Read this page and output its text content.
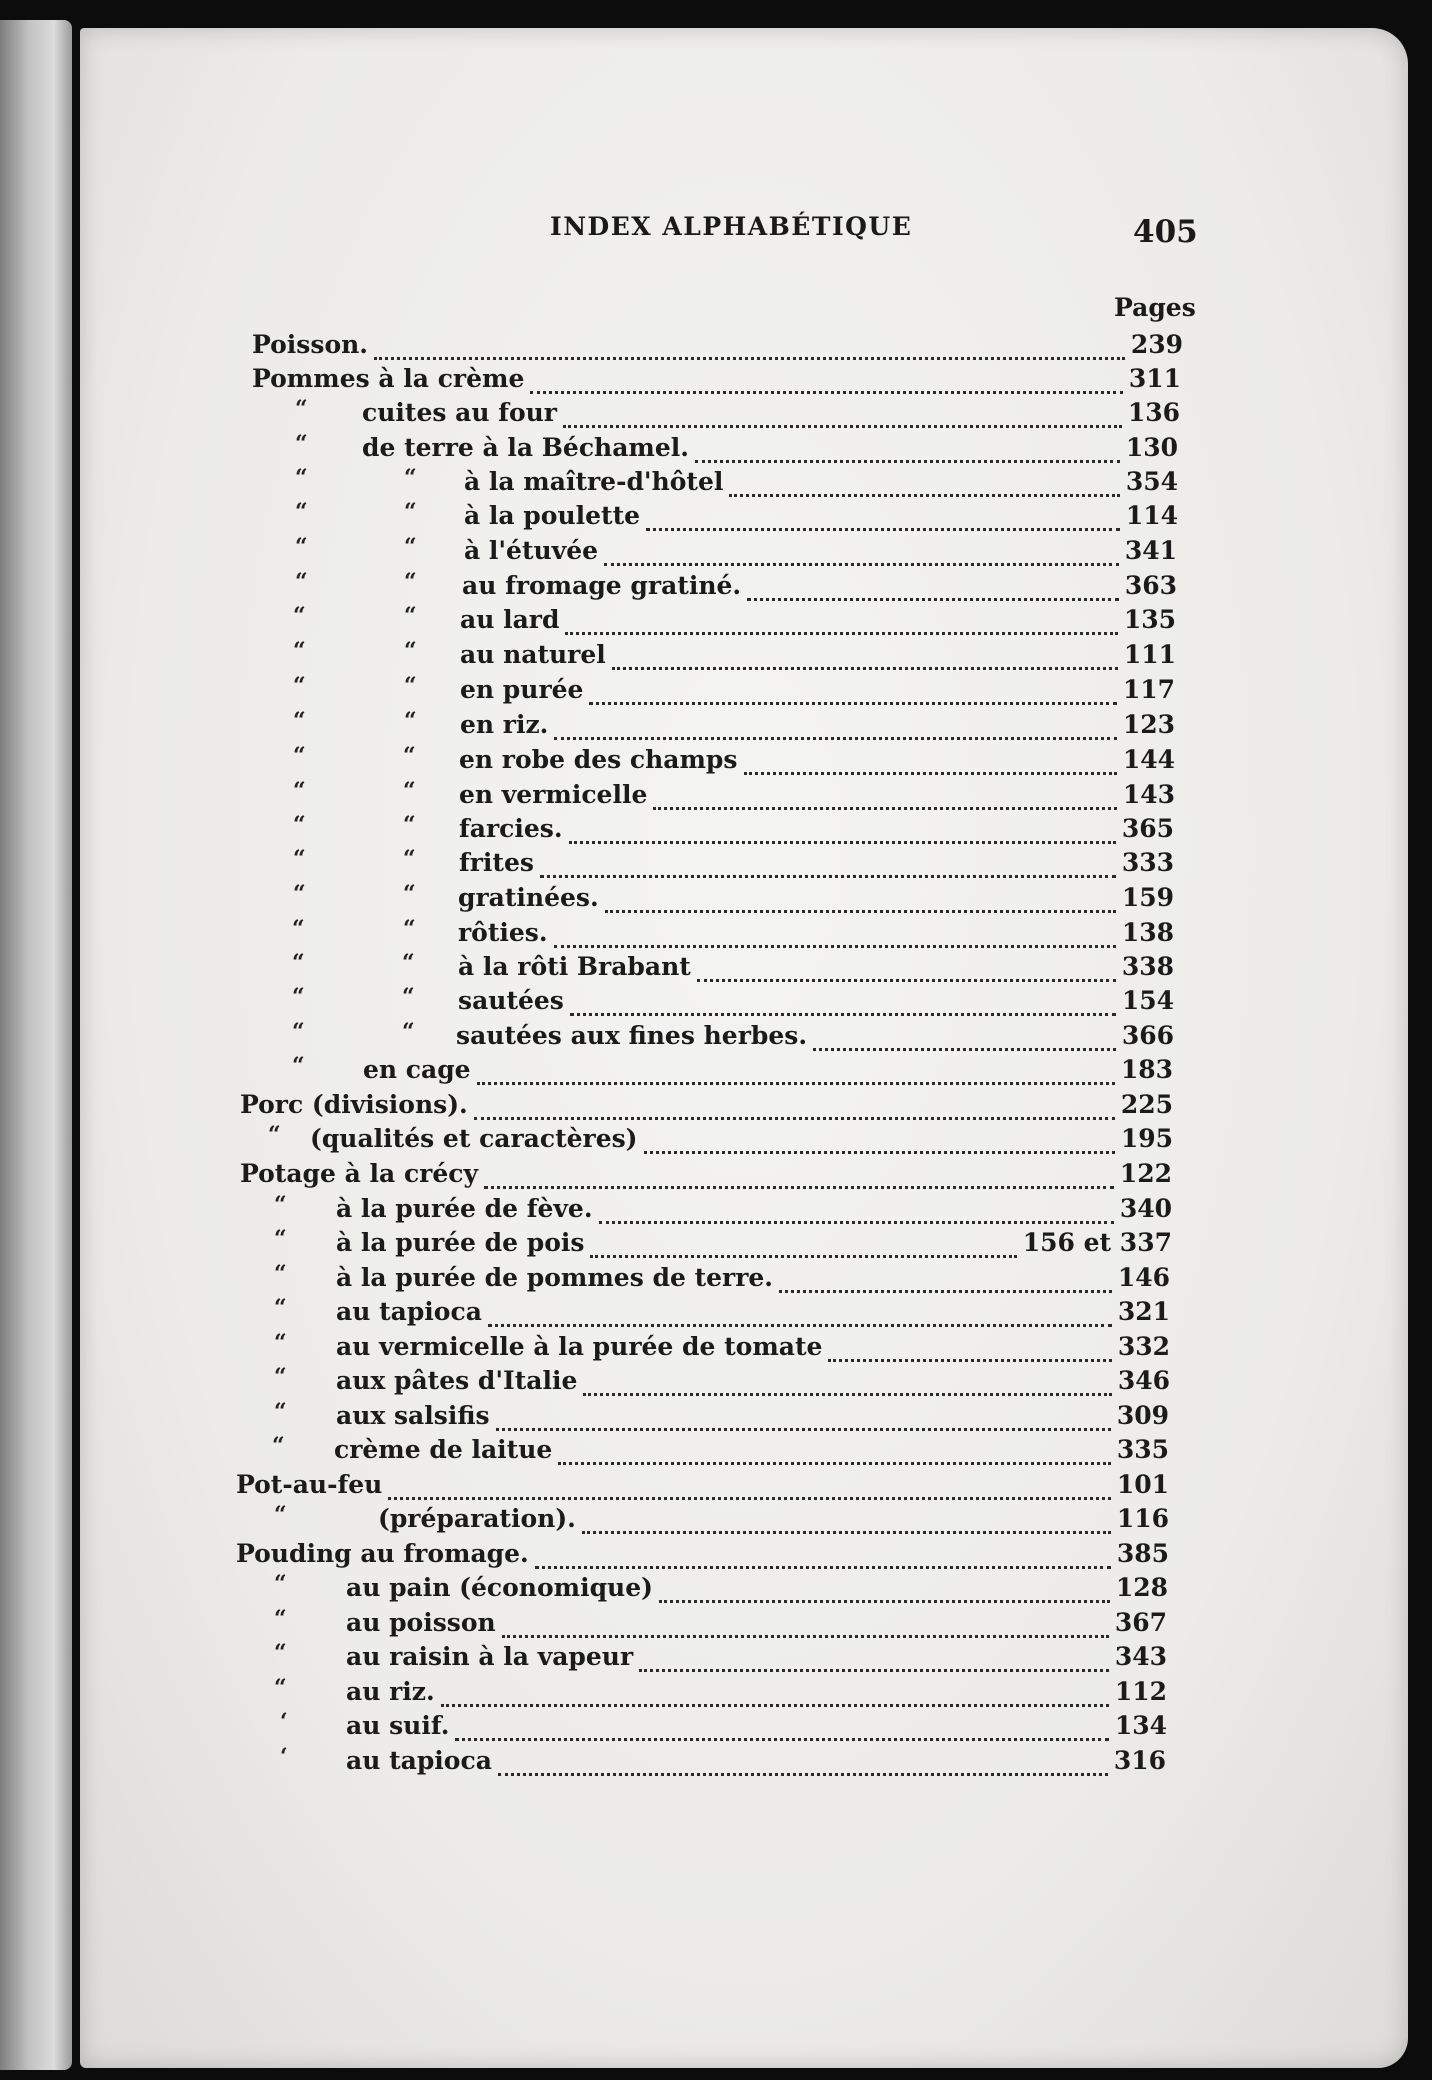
INDEX ALPHABÉTIQUE	405
Pages
Poisson.	239
Pommes à la crème	311
“ cuites au four	136
“ de terre à la Béchamel.	130
“	“ à la maître-d'hôtel	354
“	“ à la poulette	114
“	“ à l'étuvée	341
“	“ au fromage gratiné.	363
“	“ au lard	135
“	“ au naturel	111
“	“ en purée	117
“	“ en riz.	123
“	“ en robe des champs	144
“	“ en vermicelle	143
“	“ farcies.	365
“	“ frites	333
“	“ gratinées.	159
“	“ rôties.	138
“	“ à la rôti Brabant	338
“	“ sautées	154
“	“ sautées aux fines herbes.	366
“ en cage	183
Porc (divisions).	225
“ (qualités et caractères)	195
Potage à la crécy	122
“ à la purée de fève.	340
“ à la purée de pois	156 et 337
“ à la purée de pommes de terre.	146
“ au tapioca	321
“ au vermicelle à la purée de tomate	332
“ aux pâtes d'Italie	346
“ aux salsifis	309
“ crème de laitue	335
Pot-au-feu	101
“	(préparation).	116
Pouding au fromage.	385
“ au pain (économique)	128
“ au poisson	367
“ au raisin à la vapeur	343
“ au riz.	112
‘ au suif.	134
‘ au tapioca	316
